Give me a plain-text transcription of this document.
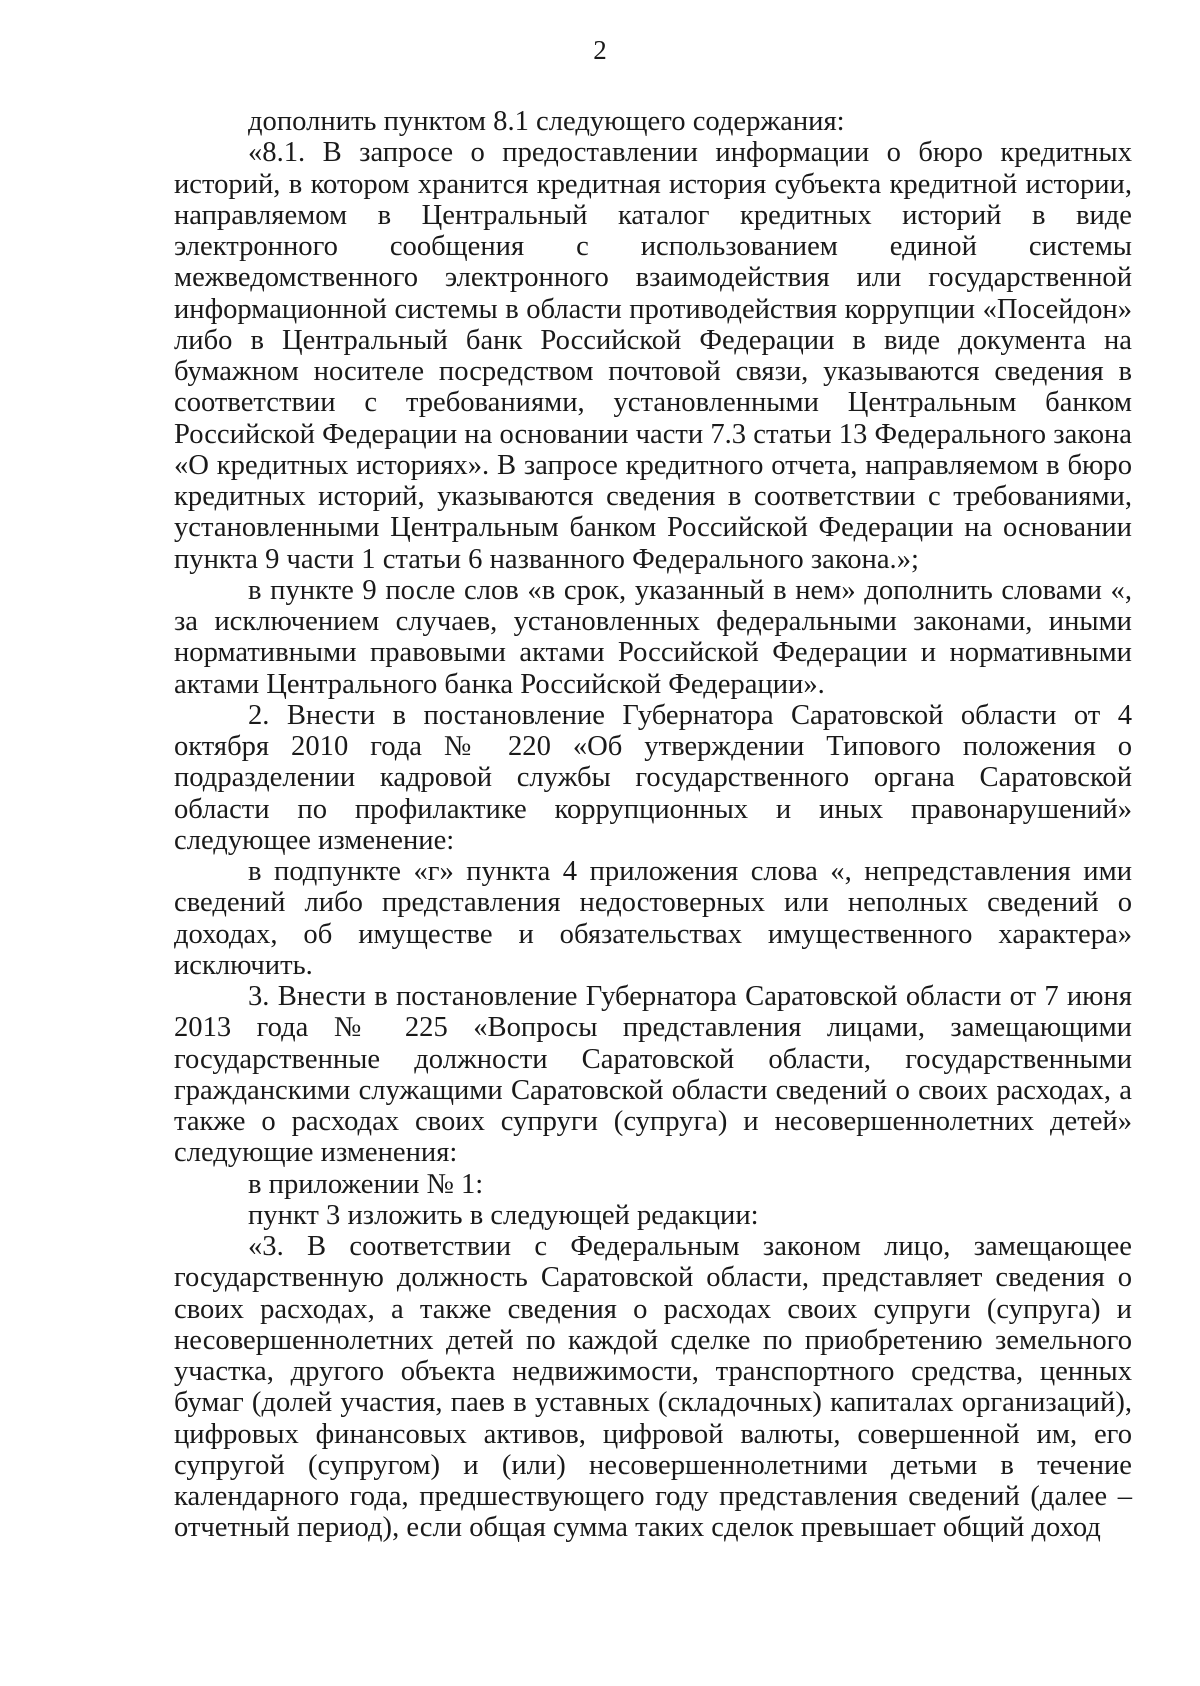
2

дополнить пунктом 8.1 следующего содержания:

«8.1. В запросе о предоставлении информации о бюро кредитных историй, в котором хранится кредитная история субъекта кредитной истории, направляемом в Центральный каталог кредитных историй в виде электронного сообщения с использованием единой системы межведомственного электронного взаимодействия или государственной информационной системы в области противодействия коррупции «Посейдон» либо в Центральный банк Российской Федерации в виде документа на бумажном носителе посредством почтовой связи, указываются сведения в соответствии с требованиями, установленными Центральным банком Российской Федерации на основании части 7.3 статьи 13 Федерального закона «О кредитных историях». В запросе кредитного отчета, направляемом в бюро кредитных историй, указываются сведения в соответствии с требованиями, установленными Центральным банком Российской Федерации на основании пункта 9 части 1 статьи 6 названного Федерального закона.»;

в пункте 9 после слов «в срок, указанный в нем» дополнить словами «, за исключением случаев, установленных федеральными законами, иными нормативными правовыми актами Российской Федерации и нормативными актами Центрального банка Российской Федерации».

2. Внести в постановление Губернатора Саратовской области от 4 октября 2010 года № 220 «Об утверждении Типового положения о подразделении кадровой службы государственного органа Саратовской области по профилактике коррупционных и иных правонарушений» следующее изменение:

в подпункте «г» пункта 4 приложения слова «, непредставления ими сведений либо представления недостоверных или неполных сведений о доходах, об имуществе и обязательствах имущественного характера» исключить.

3. Внести в постановление Губернатора Саратовской области от 7 июня 2013 года № 225 «Вопросы представления лицами, замещающими государственные должности Саратовской области, государственными гражданскими служащими Саратовской области сведений о своих расходах, а также о расходах своих супруги (супруга) и несовершеннолетних детей» следующие изменения:

в приложении № 1:

пункт 3 изложить в следующей редакции:

«3. В соответствии с Федеральным законом лицо, замещающее государственную должность Саратовской области, представляет сведения о своих расходах, а также сведения о расходах своих супруги (супруга) и несовершеннолетних детей по каждой сделке по приобретению земельного участка, другого объекта недвижимости, транспортного средства, ценных бумаг (долей участия, паев в уставных (складочных) капиталах организаций), цифровых финансовых активов, цифровой валюты, совершенной им, его супругой (супругом) и (или) несовершеннолетними детьми в течение календарного года, предшествующего году представления сведений (далее – отчетный период), если общая сумма таких сделок превышает общий доход
